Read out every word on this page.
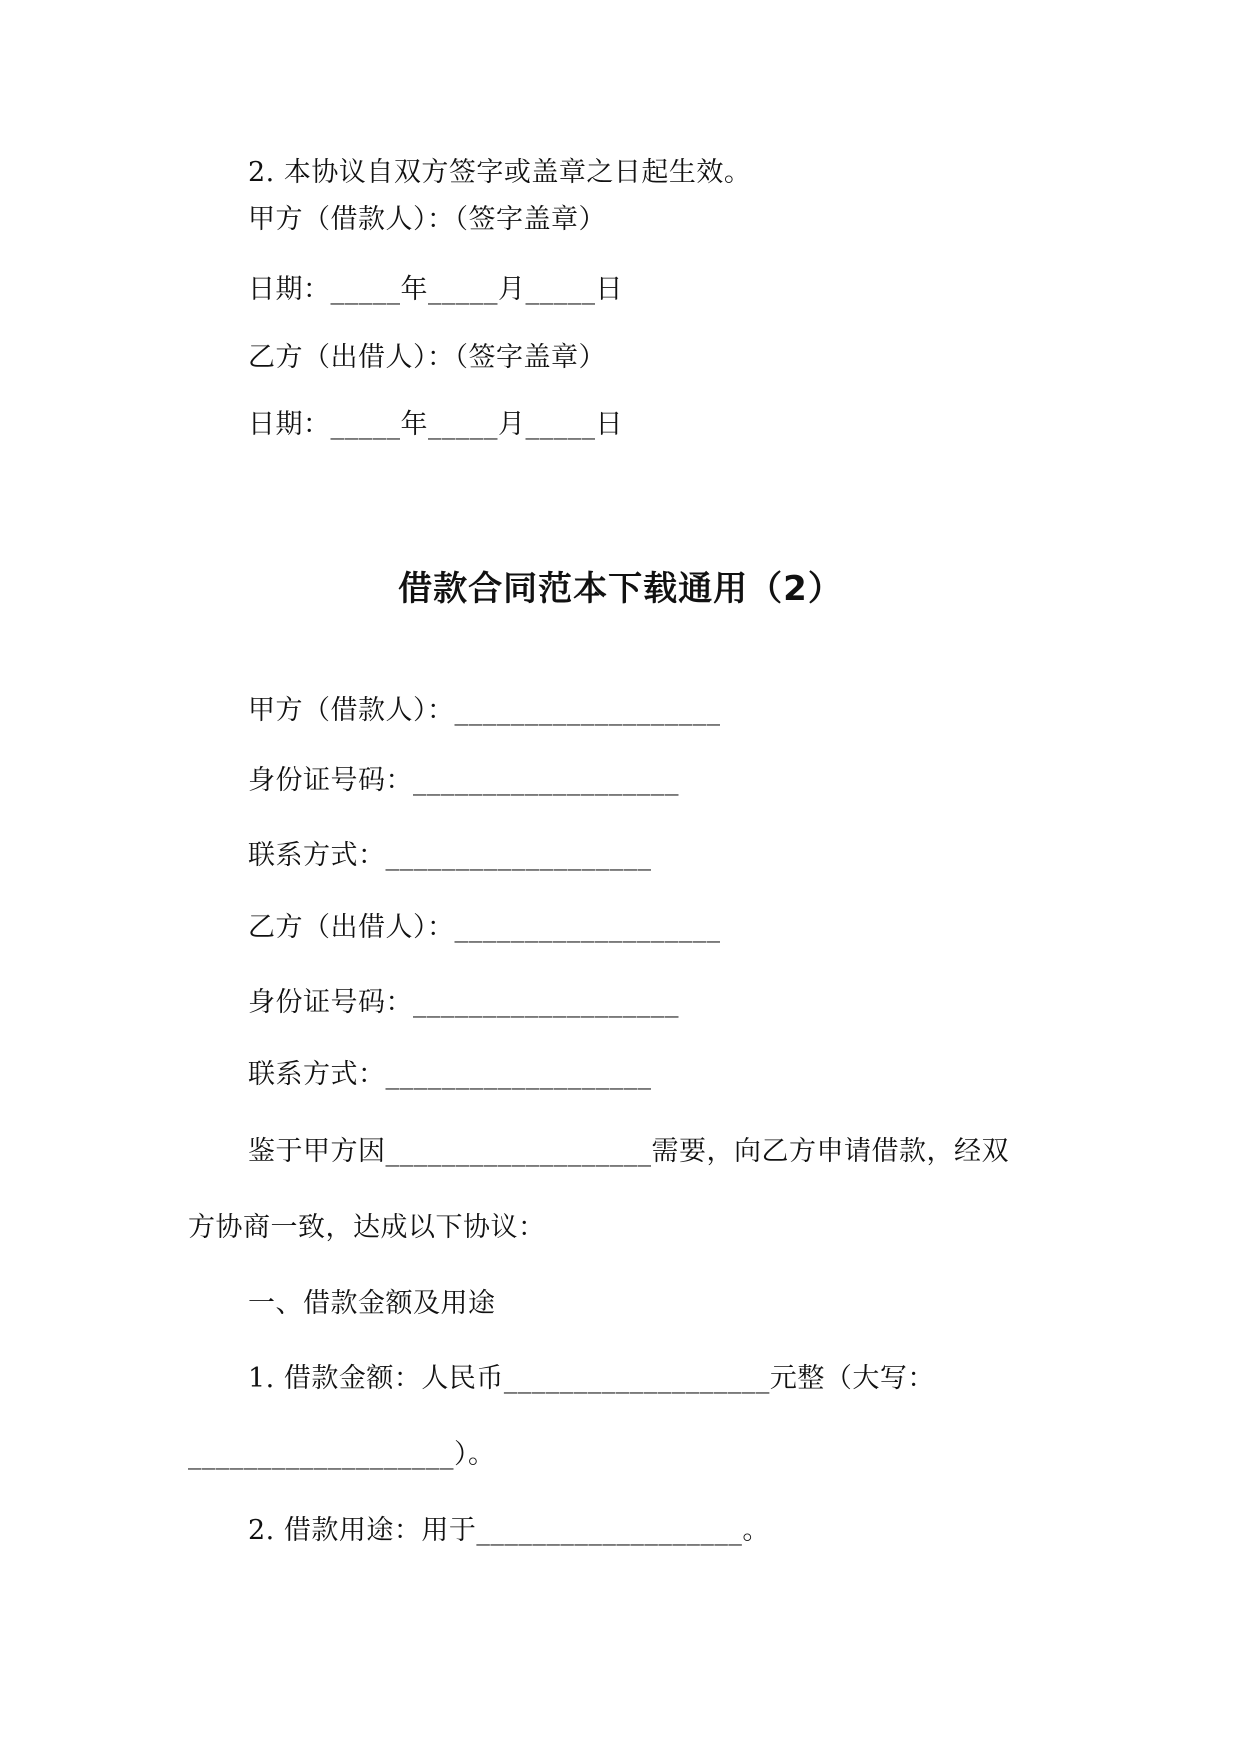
2. 本协议自双方签字或盖章之日起生效。
甲方（借款人）：（签字盖章）
日期：_____年_____月_____日
乙方（出借人）：（签字盖章）
日期：_____年_____月_____日
借款合同范本下载通用（2）
甲方（借款人）：___________________
身份证号码：___________________
联系方式：___________________
乙方（出借人）：___________________
身份证号码：___________________
联系方式：___________________
鉴于甲方因___________________需要，向乙方申请借款，经双
方协商一致，达成以下协议：
一、借款金额及用途
1. 借款金额：人民币___________________元整（大写：
___________________）。
2. 借款用途：用于___________________。
